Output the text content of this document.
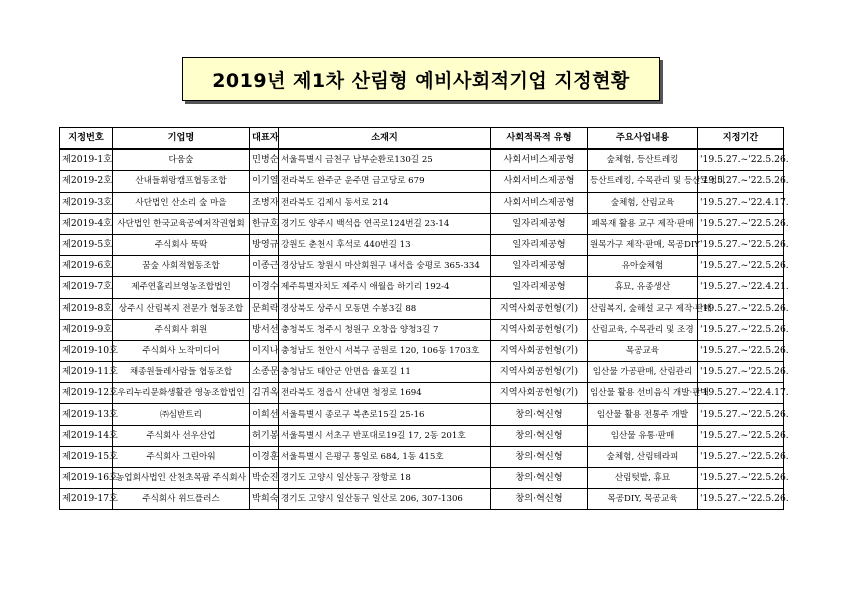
2019년 제1차 산림형 예비사회적기업 지정현황
지정번호	기업명	대표자	소재지	사회적목적 유형	주요사업내용	지정기간
제2019-1호	다움숲	민병순	서울특별시 금천구 남부순환로130길 25	사회서비스제공형	숲체험, 등산트레킹	'19.5.27.~'22.5.26.
제2019-2호	산내들휘랑캠프협동조합	이기열	전라북도 완주군 운주면 금고당로 679	사회서비스제공형	등산트레킹, 수목관리 및 등산로정비	'19.5.27.~'22.5.26.
제2019-3호	사단법인 산소리 숲 마을	조병자	전라북도 김제시 동서로 214	사회서비스제공형	숲체험, 산림교육	'19.5.27.~'22.4.17.
제2019-4호	사단법인 한국교육공예저작권협회	한규호	경기도 양주시 백석읍 연곡로124번길 23-14	일자리제공형	폐목재 활용 교구 제작·판매	'19.5.27.~'22.5.26.
제2019-5호	주식회사 뚝딱	방영규	강원도 춘천시 후석로 440번길 13	일자리제공형	원목가구 제작·판매, 목공DIY	'19.5.27.~'22.5.26.
제2019-6호	꿈숲 사회적협동조합	이종근	경상남도 창원시 마산회원구 내서읍 숭평로 365-334	일자리제공형	유아숲체험	'19.5.27.~'22.5.26.
제2019-7호	제주연홀리브영농조합법인	이경수	제주특별자치도 제주시 애월읍 하기리 192-4	일자리제공형	휴묘, 유종생산	'19.5.27.~'22.4.21.
제2019-8호	상주시 산림복지 전문가 협동조합	문희락	경상북도 상주시 모동면 수봉3길 88	지역사회공헌형(기)	산림복지, 숲해설 교구 제작·판매	'19.5.27.~'22.5.26.
제2019-9호	주식회사 휘원	방서선	충청북도 청주시 청원구 오창읍 양청3길 7	지역사회공헌형(기)	산림교육, 수목관리 및 조경	'19.5.27.~'22.5.26.
제2019-10호	주식회사 노작미디어	이지나	충청남도 천안시 서북구 공원로 120, 106동 1703호	지역사회공헌형(기)	목공교육	'19.5.27.~'22.5.26.
제2019-11호	채종원들레사람들 협동조합	소종문	충청남도 태안군 안면읍 율포길 11	지역사회공헌형(기)	임산물 가공판매, 산림관리	'19.5.27.~'22.5.26.
제2019-12호	우리누리문화생활관 영농조합법인	김귀옥	전라북도 정읍시 산내면 청정로 1694	지역사회공헌형(기)	임산물 활용 선비음식 개발·판매	'19.5.27.~'22.4.17.
제2019-13호	㈜심반트리	이희선	서울특별시 종로구 북촌로15길 25-16	창의·혁신형	임산물 활용 전통주 개발	'19.5.27.~'22.5.26.
제2019-14호	주식회사 선우산업	허기봉	서울특별시 서초구 반포대로19길 17, 2동 201호	창의·혁신형	임산물 유통·판매	'19.5.27.~'22.5.26.
제2019-15호	주식회사 그린아워	이경훈	서울특별시 은평구 통일로 684, 1동 415호	창의·혁신형	숲체험, 산림테라피	'19.5.27.~'22.5.26.
제2019-16호	농업회사법인 산천초목팜 주식회사	박순진	경기도 고양시 일산동구 장항로 18	창의·혁신형	산림텃밭, 휴묘	'19.5.27.~'22.5.26.
제2019-17호	주식회사 위드플러스	박희숙	경기도 고양시 일산동구 일산로 206, 307-1306	창의·혁신형	목공DIY, 목공교육	'19.5.27.~'22.5.26.
